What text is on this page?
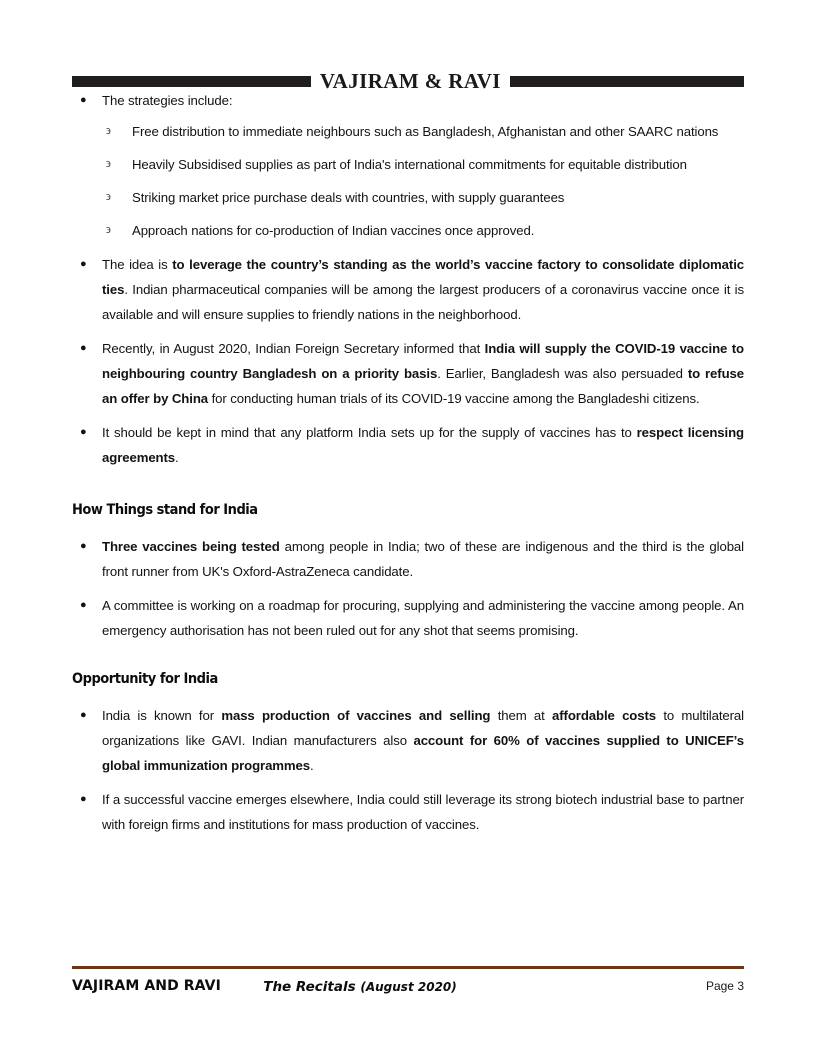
VAJIRAM & RAVI
● The strategies include:
϶ Free distribution to immediate neighbours such as Bangladesh, Afghanistan and other SAARC nations
϶ Heavily Subsidised supplies as part of India's international commitments for equitable distribution
϶ Striking market price purchase deals with countries, with supply guarantees
϶ Approach nations for co-production of Indian vaccines once approved.
● The idea is to leverage the country’s standing as the world’s vaccine factory to consolidate diplomatic ties. Indian pharmaceutical companies will be among the largest producers of a coronavirus vaccine once it is available and will ensure supplies to friendly nations in the neighborhood.
● Recently, in August 2020, Indian Foreign Secretary informed that India will supply the COVID-19 vaccine to neighbouring country Bangladesh on a priority basis. Earlier, Bangladesh was also persuaded to refuse an offer by China for conducting human trials of its COVID-19 vaccine among the Bangladeshi citizens.
● It should be kept in mind that any platform India sets up for the supply of vaccines has to respect licensing agreements.
How Things stand for India
● Three vaccines being tested among people in India; two of these are indigenous and the third is the global front runner from UK's Oxford-AstraZeneca candidate.
● A committee is working on a roadmap for procuring, supplying and administering the vaccine among people. An emergency authorisation has not been ruled out for any shot that seems promising.
Opportunity for India
● India is known for mass production of vaccines and selling them at affordable costs to multilateral organizations like GAVI. Indian manufacturers also account for 60% of vaccines supplied to UNICEF’s global immunization programmes.
● If a successful vaccine emerges elsewhere, India could still leverage its strong biotech industrial base to partner with foreign firms and institutions for mass production of vaccines.
VAJIRAM AND RAVI	The Recitals (August 2020)	Page 3
